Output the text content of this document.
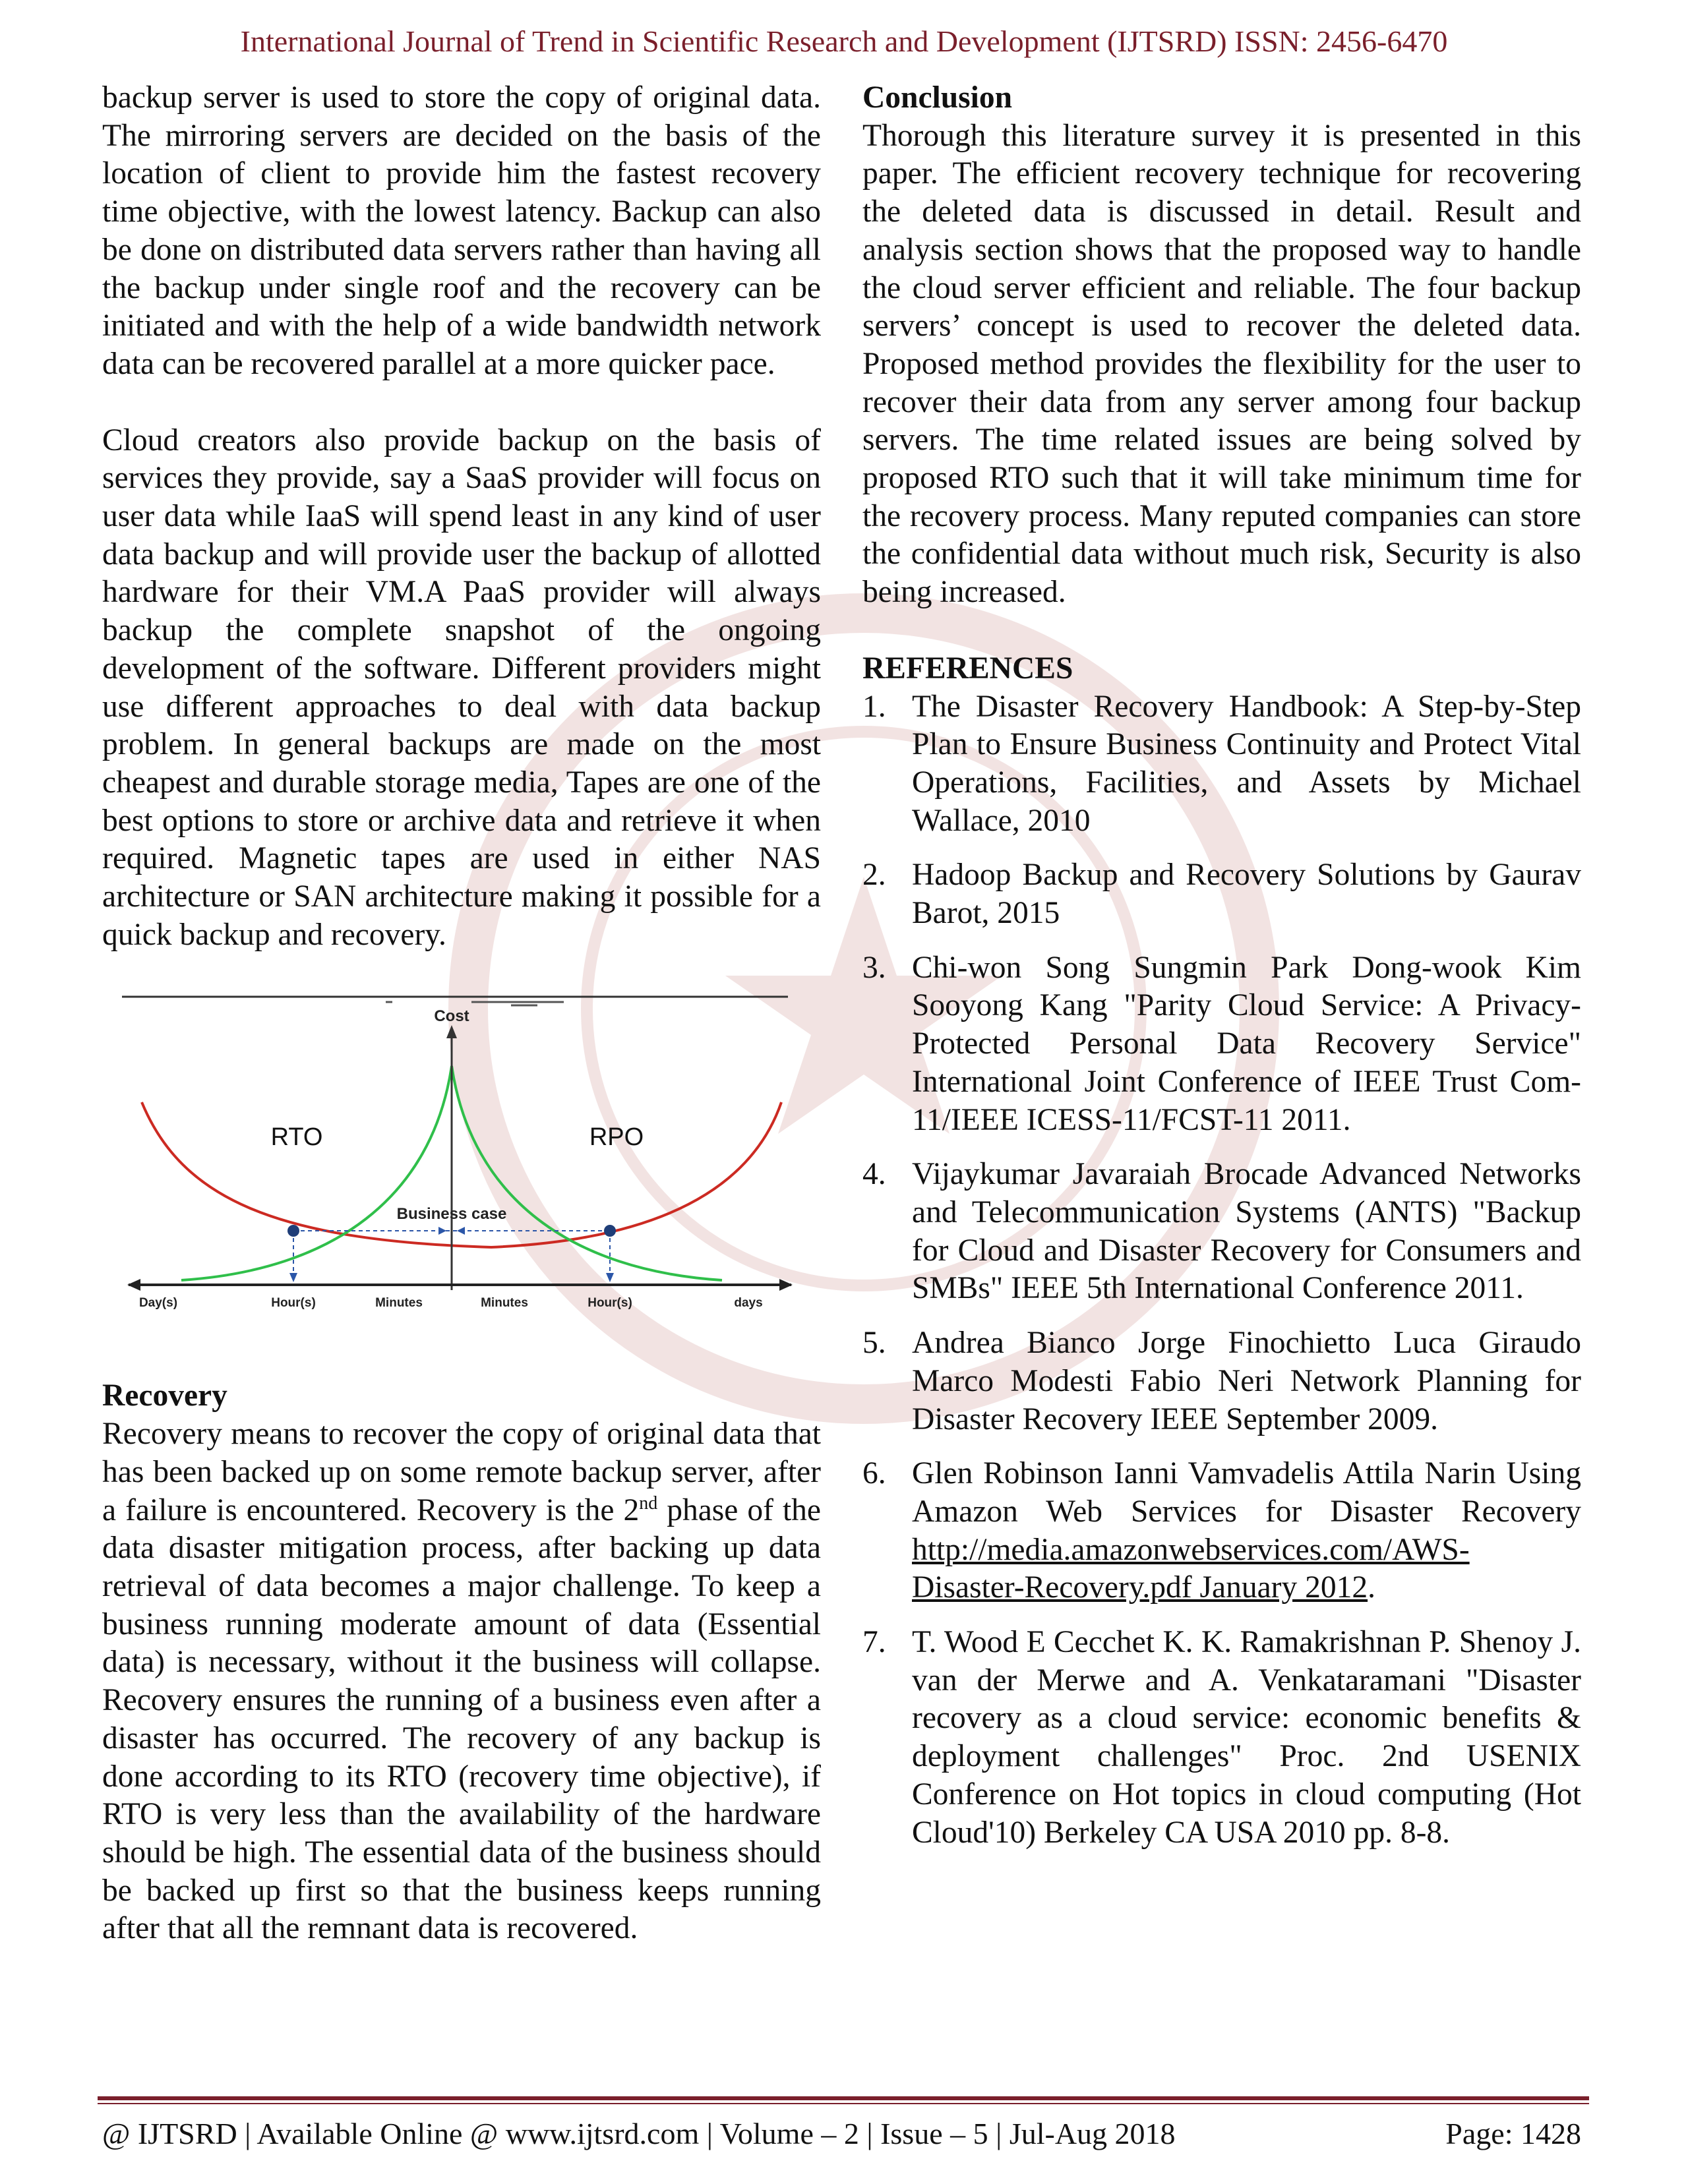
International Journal of Trend in Scientific Research and Development (IJTSRD) ISSN: 2456-6470

backup server is used to store the copy of original data. The mirroring servers are decided on the basis of the location of client to provide him the fastest recovery time objective, with the lowest latency. Backup can also be done on distributed data servers rather than having all the backup under single roof and the recovery can be initiated and with the help of a wide bandwidth network data can be recovered parallel at a more quicker pace.

Cloud creators also provide backup on the basis of services they provide, say a SaaS provider will focus on user data while IaaS will spend least in any kind of user data backup and will provide user the backup of allotted hardware for their VM.A PaaS provider will always backup the complete snapshot of the ongoing development of the software. Different providers might use different approaches to deal with data backup problem. In general backups are made on the most cheapest and durable storage media, Tapes are one of the best options to store or archive data and retrieve it when required. Magnetic tapes are used in either NAS architecture or SAN architecture making it possible for a quick backup and recovery.

Cost
RTO	RPO
Business case
Day(s)	Hour(s)	Minutes	Minutes	Hour(s)	days
Recovery

Recovery means to recover the copy of original data that has been backed up on some remote backup server, after a failure is encountered. Recovery is the 2nd phase of the data disaster mitigation process, after backing up data retrieval of data becomes a major challenge. To keep a business running moderate amount of data (Essential data) is necessary, without it the business will collapse. Recovery ensures the running of a business even after a disaster has occurred. The recovery of any backup is done according to its RTO (recovery time objective), if RTO is very less than the availability of the hardware should be high. The essential data of the business should be backed up first so that the business keeps running after that all the remnant data is recovered.

Conclusion

Thorough this literature survey it is presented in this paper. The efficient recovery technique for recovering the deleted data is discussed in detail. Result and analysis section shows that the proposed way to handle the cloud server efficient and reliable. The four backup servers’ concept is used to recover the deleted data. Proposed method provides the flexibility for the user to recover their data from any server among four backup servers. The time related issues are being solved by proposed RTO such that it will take minimum time for the recovery process. Many reputed companies can store the confidential data without much risk, Security is also being increased.

REFERENCES
1. The Disaster Recovery Handbook: A Step-by-Step Plan to Ensure Business Continuity and Protect Vital Operations, Facilities, and Assets by Michael Wallace, 2010
2. Hadoop Backup and Recovery Solutions by Gaurav Barot, 2015
3. Chi-won Song Sungmin Park Dong-wook Kim Sooyong Kang "Parity Cloud Service: A Privacy-Protected Personal Data Recovery Service" International Joint Conference of IEEE Trust Com-11/IEEE ICESS-11/FCST-11 2011.
4. Vijaykumar Javaraiah Brocade Advanced Networks and Telecommunication Systems (ANTS) "Backup for Cloud and Disaster Recovery for Consumers and SMBs" IEEE 5th International Conference 2011.
5. Andrea Bianco Jorge Finochietto Luca Giraudo Marco Modesti Fabio Neri Network Planning for Disaster Recovery IEEE September 2009.
6. Glen Robinson Ianni Vamvadelis Attila Narin Using Amazon Web Services for Disaster Recovery http://media.amazonwebservices.com/AWS-Disaster-Recovery.pdf January 2012.
7. T. Wood E Cecchet K. K. Ramakrishnan P. Shenoy J. van der Merwe and A. Venkataramani "Disaster recovery as a cloud service: economic benefits & deployment challenges" Proc. 2nd USENIX Conference on Hot topics in cloud computing (Hot Cloud'10) Berkeley CA USA 2010 pp. 8-8.
@ IJTSRD | Available Online @ www.ijtsrd.com | Volume – 2 | Issue – 5 | Jul-Aug 2018	Page: 1428
